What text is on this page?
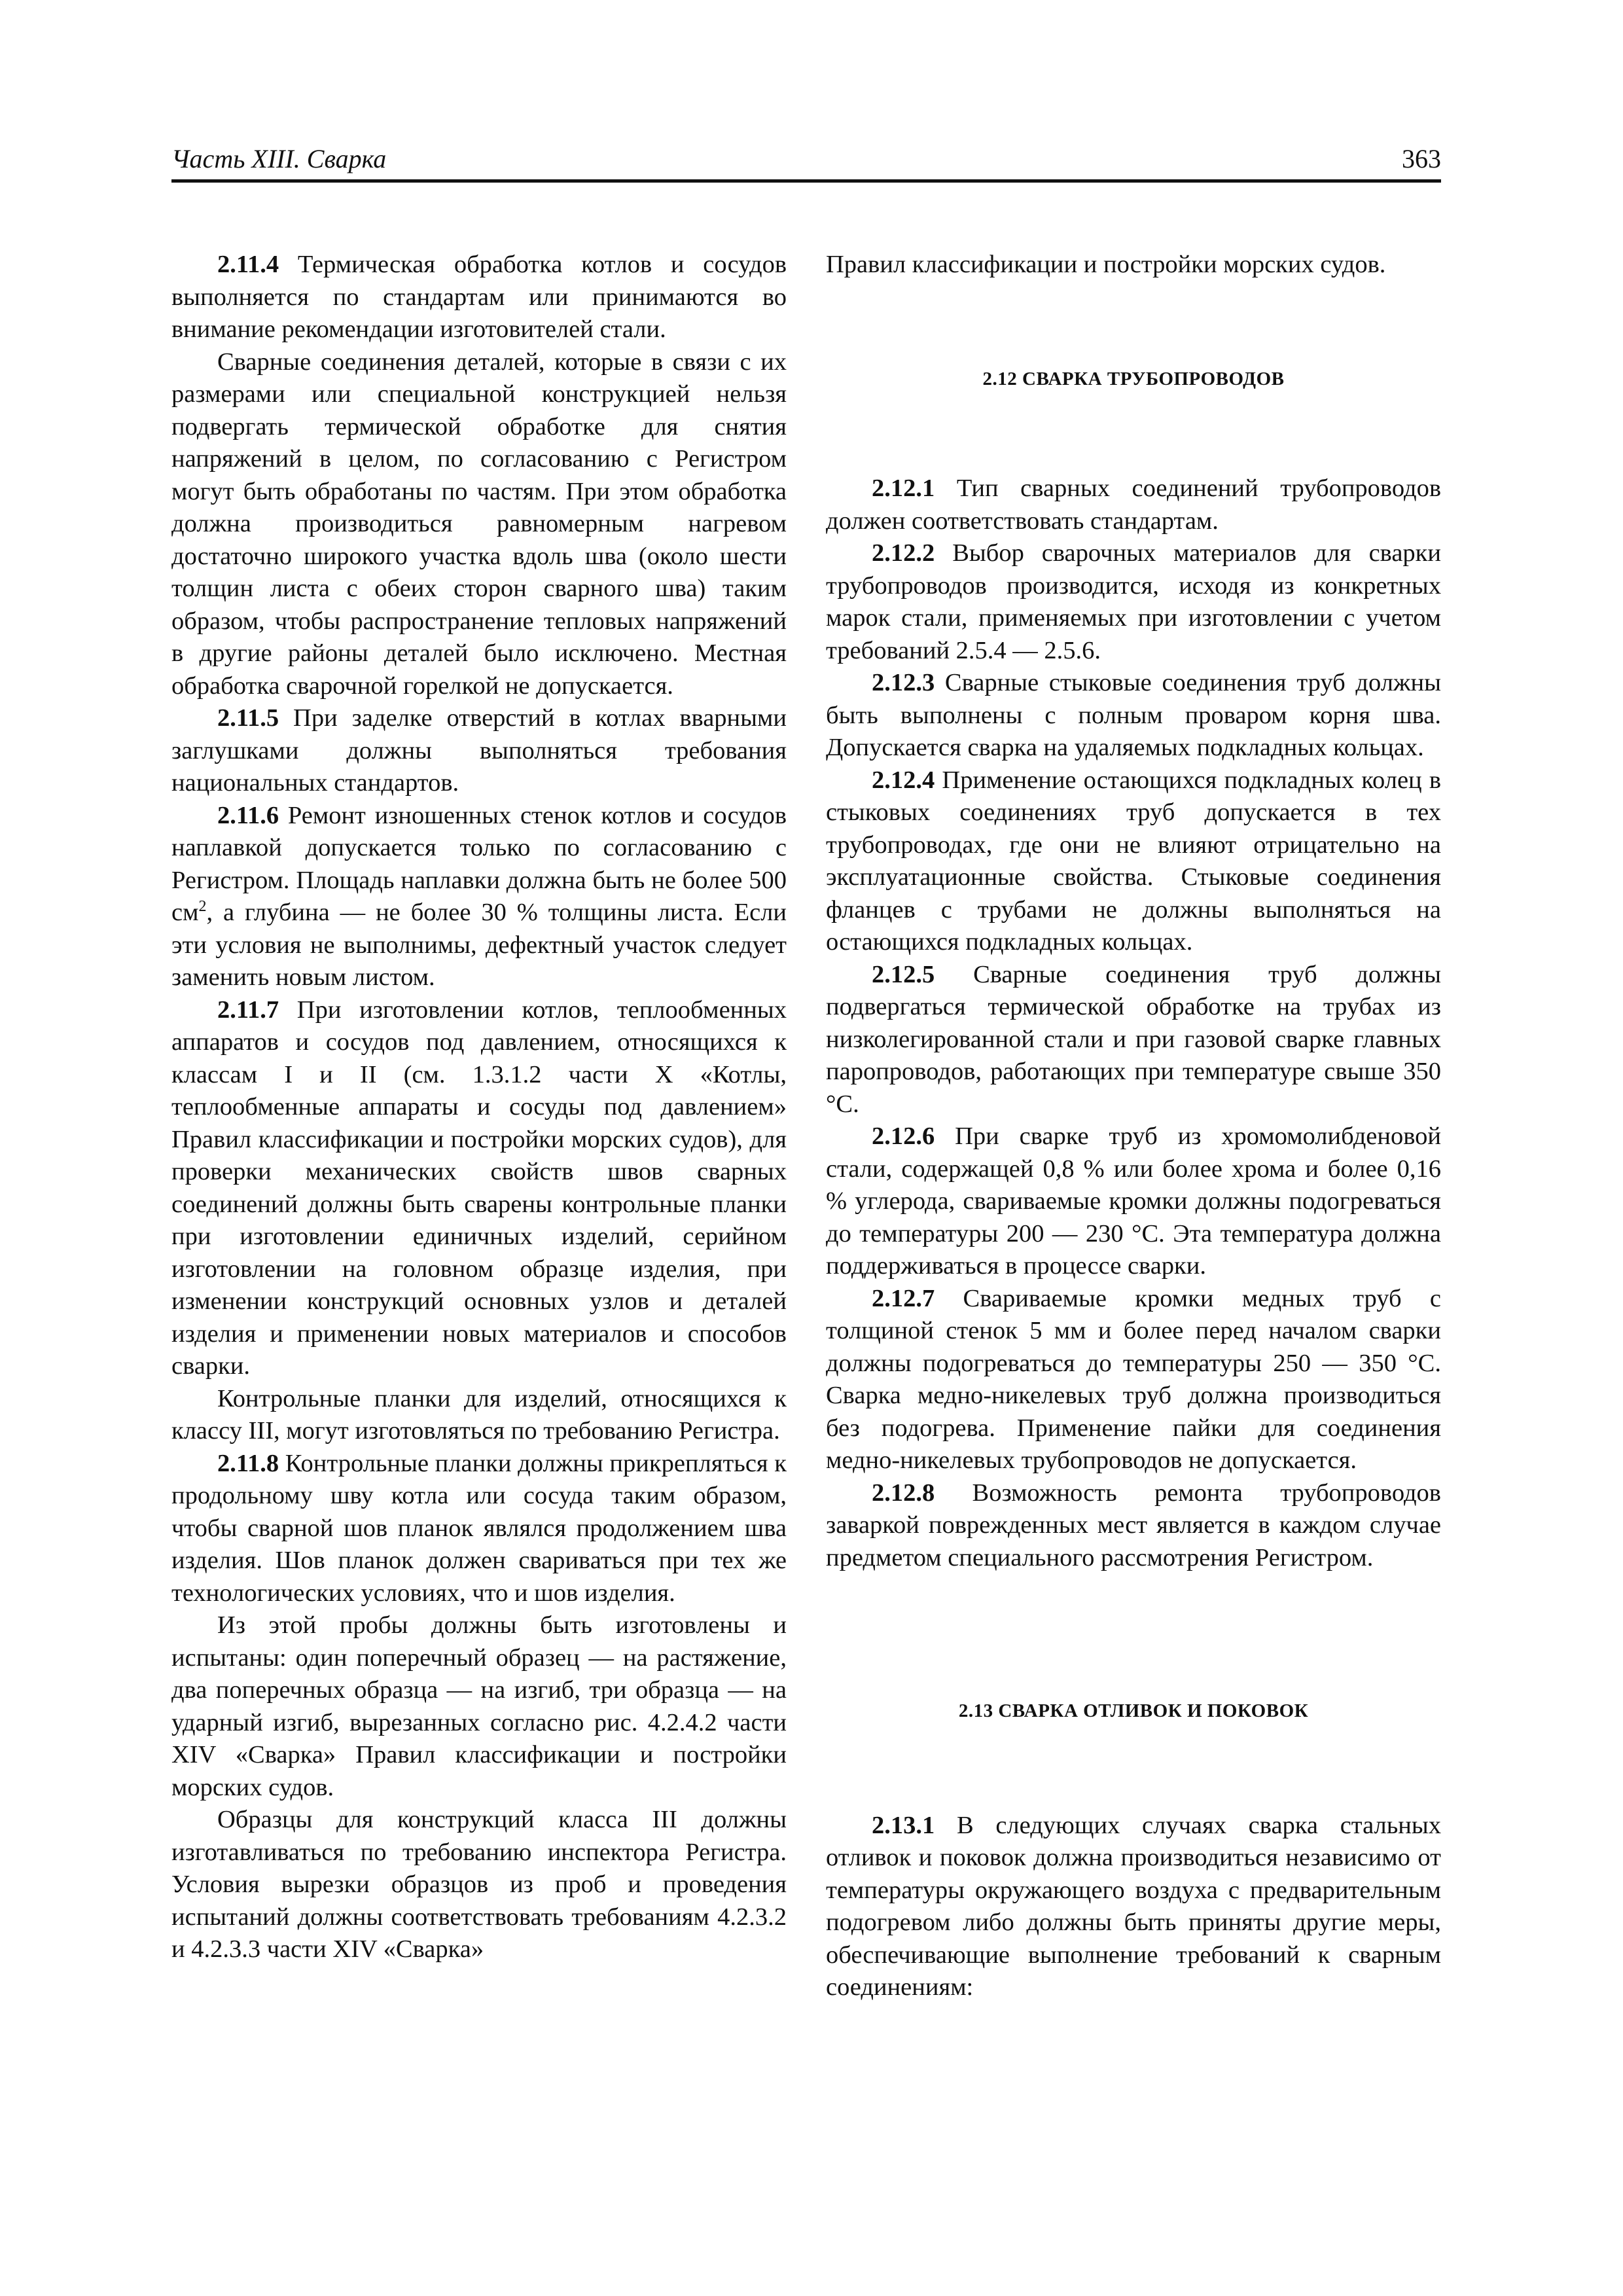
Часть XIII. Сварка	363

2.11.4 Термическая обработка котлов и сосудов выполняется по стандартам или принимаются во внимание рекомендации изготовителей стали.

Сварные соединения деталей, которые в связи с их размерами или специальной конструкцией нельзя подвергать термической обработке для снятия напряжений в целом, по согласованию с Регистром могут быть обработаны по частям. При этом обработка должна производиться равномерным нагревом достаточно широкого участка вдоль шва (около шести толщин листа с обеих сторон сварного шва) таким образом, чтобы распространение тепловых напряжений в другие районы деталей было исключено. Местная обработка сварочной горелкой не допускается.

2.11.5 При заделке отверстий в котлах вварными заглушками должны выполняться требования национальных стандартов.

2.11.6 Ремонт изношенных стенок котлов и сосудов наплавкой допускается только по согласованию с Регистром. Площадь наплавки должна быть не более 500 $см^2$, а глубина — не более 30 % толщины листа. Если эти условия не выполнимы, дефектный участок следует заменить новым листом.

2.11.7 При изготовлении котлов, теплообменных аппаратов и сосудов под давлением, относящихся к классам I и II (см. 1.3.1.2 части X «Котлы, теплообменные аппараты и сосуды под давлением» Правил классификации и постройки морских судов), для проверки механических свойств швов сварных соединений должны быть сварены контрольные планки при изготовлении единичных изделий, серийном изготовлении на головном образце изделия, при изменении конструкций основных узлов и деталей изделия и применении новых материалов и способов сварки.

Контрольные планки для изделий, относящихся к классу III, могут изготовляться по требованию Регистра.

2.11.8 Контрольные планки должны прикрепляться к продольному шву котла или сосуда таким образом, чтобы сварной шов планок являлся продолжением шва изделия. Шов планок должен свариваться при тех же технологических условиях, что и шов изделия.

Из этой пробы должны быть изготовлены и испытаны: один поперечный образец — на растяжение, два поперечных образца — на изгиб, три образца — на ударный изгиб, вырезанных согласно рис. 4.2.4.2 части XIV «Сварка» Правил классификации и постройки морских судов.

Образцы для конструкций класса III должны изготавливаться по требованию инспектора Регистра. Условия вырезки образцов из проб и проведения испытаний должны соответствовать требованиям 4.2.3.2 и 4.2.3.3 части XIV «Сварка»

Правил классификации и постройки морских судов.

2.12 СВАРКА ТРУБОПРОВОДОВ

2.12.1 Тип сварных соединений трубопроводов должен соответствовать стандартам.

2.12.2 Выбор сварочных материалов для сварки трубопроводов производится, исходя из конкретных марок стали, применяемых при изготовлении с учетом требований 2.5.4 — 2.5.6.

2.12.3 Сварные стыковые соединения труб должны быть выполнены с полным проваром корня шва. Допускается сварка на удаляемых подкладных кольцах.

2.12.4 Применение остающихся подкладных колец в стыковых соединениях труб допускается в тех трубопроводах, где они не влияют отрицательно на эксплуатационные свойства. Стыковые соединения фланцев с трубами не должны выполняться на остающихся подкладных кольцах.

2.12.5 Сварные соединения труб должны подвергаться термической обработке на трубах из низколегированной стали и при газовой сварке главных паропроводов, работающих при температуре свыше 350 °С.

2.12.6 При сварке труб из хромомолибденовой стали, содержащей 0,8 % или более хрома и более 0,16 % углерода, свариваемые кромки должны подогреваться до температуры 200 — 230 °С. Эта температура должна поддерживаться в процессе сварки.

2.12.7 Свариваемые кромки медных труб с толщиной стенок 5 мм и более перед началом сварки должны подогреваться до температуры 250 — 350 °С. Сварка медно-никелевых труб должна производиться без подогрева. Применение пайки для соединения медно-никелевых трубопроводов не допускается.

2.12.8 Возможность ремонта трубопроводов заваркой поврежденных мест является в каждом случае предметом специального рассмотрения Регистром.

2.13 СВАРКА ОТЛИВОК И ПОКОВОК

2.13.1 В следующих случаях сварка стальных отливок и поковок должна производиться независимо от температуры окружающего воздуха с предварительным подогревом либо должны быть приняты другие меры, обеспечивающие выполнение требований к сварным соединениям:
